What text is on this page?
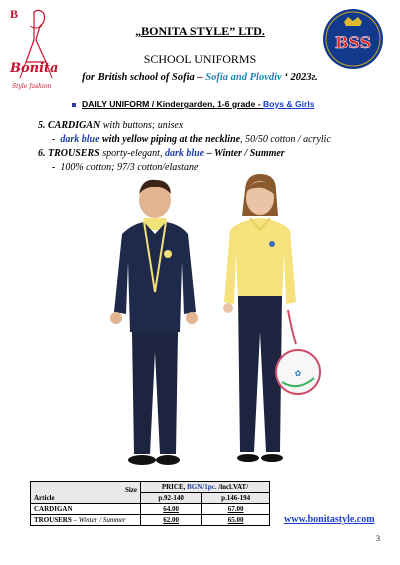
B
Bonita
Style fashion
BSS
„BONITA STYLE” LTD.
SCHOOL UNIFORMS
for British school of Sofia – Sofia and Plovdiv ‘ 2023г.
DAILY UNIFORM / Kindergarden, 1-6 grade - Boys & Girls
5. CARDIGAN with buttons; unisex
- dark blue with yellow piping at the neckline, 50/50 cotton / acrylic
6. TROUSERS sporty-elegant, dark blue – Winter / Summer
- 100% cotton; 97/3 cotton/elastane
✿
Size
Article	PRICE, BGN/1pc. /incl.VAT/	
	р.92-140	р.146-194
CARDIGAN	64.00	67.00
TROUSERS – Winter / Summer	62.00	65.00	www.bonitastyle.com
3
